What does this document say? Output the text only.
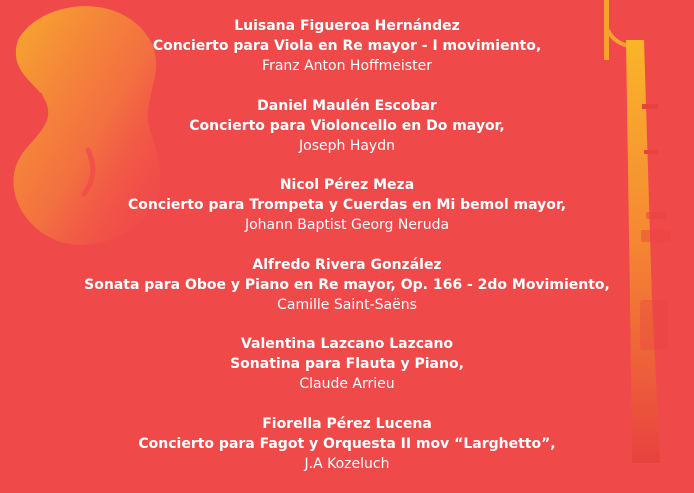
Luisana Figueroa Hernández
Concierto para Viola en Re mayor - I movimiento,
Franz Anton Hoffmeister
Daniel Maulén Escobar
Concierto para Violoncello en Do mayor,
Joseph Haydn
Nicol Pérez Meza
Concierto para Trompeta y Cuerdas en Mi bemol mayor,
Johann Baptist Georg Neruda
Alfredo Rivera González
Sonata para Oboe y Piano en Re mayor, Op. 166 - 2do Movimiento,
Camille Saint-Saëns
Valentina Lazcano Lazcano
Sonatina para Flauta y Piano,
Claude Arrieu
Fiorella Pérez Lucena
Concierto para Fagot y Orquesta II mov “Larghetto”,
J.A Kozeluch
